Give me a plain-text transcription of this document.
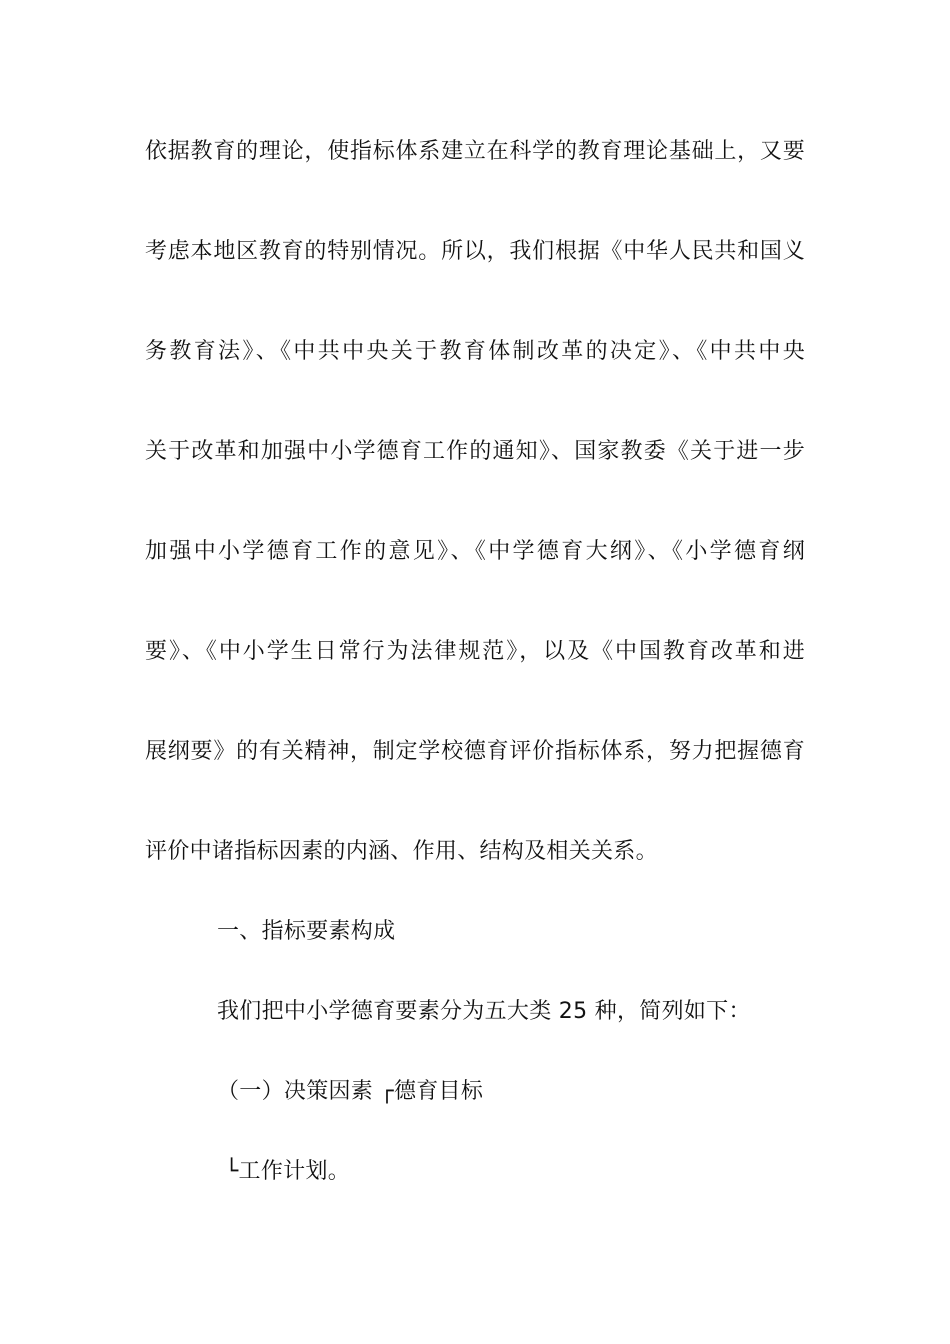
依据教育的理论，使指标体系建立在科学的教育理论基础上，又要
考虑本地区教育的特别情况。所以，我们根据《中华人民共和国义
务教育法》、《中共中央关于教育体制改革的决定》、《中共中央
关于改革和加强中小学德育工作的通知》、国家教委《关于进一步
加强中小学德育工作的意见》、《中学德育大纲》、《小学德育纲
要》、《中小学生日常行为法律规范》，以及《中国教育改革和进
展纲要》的有关精神，制定学校德育评价指标体系，努力把握德育
评价中诸指标因素的内涵、作用、结构及相关关系。
一、指标要素构成
我们把中小学德育要素分为五大类 25 种，简列如下：
（一）决策因素 ┌德育目标
└工作计划。
